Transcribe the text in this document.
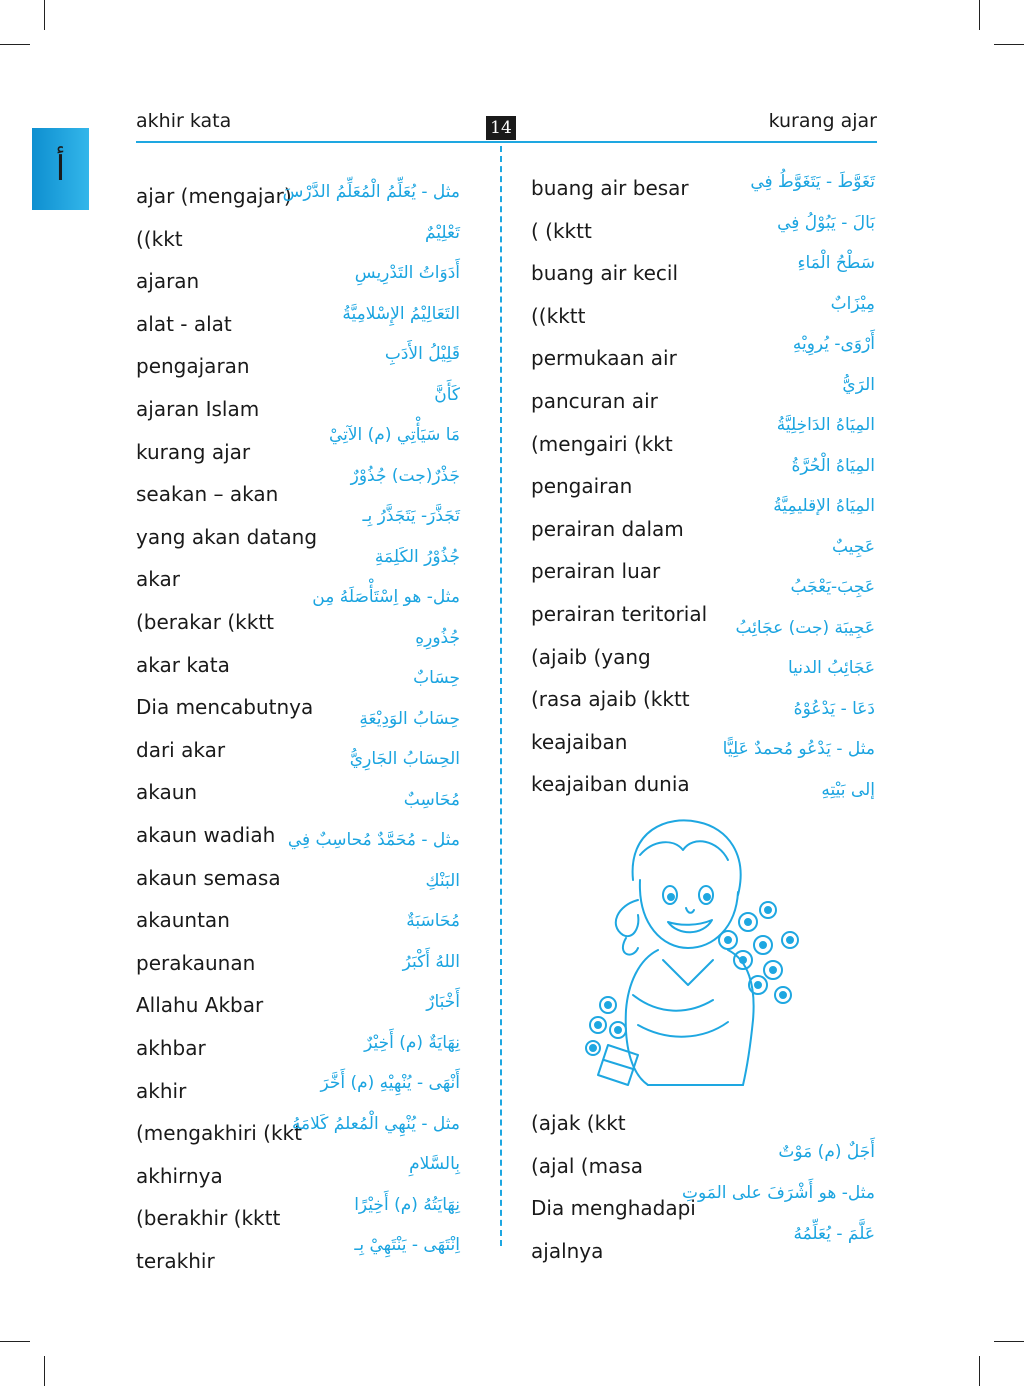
أ
akhir kata	14	kurang ajar
ajar (mengajar)
((kkt
ajaran
alat - alat
pengajaran
ajaran Islam
kurang ajar
seakan – akan
yang akan datang
akar
(berakar (kktt
akar kata
Dia mencabutnya
dari akar
akaun
akaun wadiah
akaun semasa
akauntan
perakaunan
Allahu Akbar
akhbar
akhir
(mengakhiri (kkt
akhirnya
(berakhir (kktt
terakhir
مثل - يُعَلِّمُ الْمُعَلِّمُ الدَّرْسَ
تَعْلِيْمٌ
أَدَوَاتُ التَدْرِيسِ
التَعَالِيْمُ الإِسْلامِيَّةُ
قَلِيْلُ الأَدَبِ
كَأَنَّ
مَا سَيَأْتِي (م) الآتِيْ
جَذْرٌ(جت) جُذُوْرٌ
تَجَذَّرَ- يَتَجَذَّرُ بِـ
جُذُوْرُ الكَلِمَةِ
مثل- هو اِسْتَأْصَلَهُ مِن
جُذُورِهِ
حِسَابٌ
حِسَابُ الوَدِيْعَةِ
الحِسَابُ الجَارِيُّ
مُحَاسِبٌ
مثل - مُحَمَّدٌ مُحاسِبٌ فِي
البَنْكِ
مُحَاسَبَةٌ
اللهُ أَكْبَرُ
أَخْبَارٌ
نِهَايَةٌ (م) أَخِيْرٌ
أَنْهَى - يُنْهِيْهِ (م) أَخَّرَ
مثل - يُنْهِي الْمُعلمُ كَلامَهُ
بِالسَّلامِ
نِهَايَتُهُ (م) أَخِيْرًا
اِنْتَهَى - يَنْتَهِيْ بِـ
buang air besar
( (kktt
buang air kecil
((kktt
permukaan air
pancuran air
(mengairi (kkt
pengairan
perairan dalam
perairan luar
perairan teritorial
(ajaib (yang
(rasa ajaib (kktt
keajaiban
keajaiban dunia
تَغَوَّطَ - يَتَغَوَّطُ فِي
بَالَ - يَبُوْلُ فِي
سَطْحُ الْمَاءِ
مِيْزَابٌ
أَرْوَى- يُروِيْهِ
الرَيُّ
المِيَاهُ الدَاخِلِيَّةُ
المِيَاهُ الْحُرَّةُ
المِيَاهُ الإقليمِيَّةُ
عَجِيبٌ
عَجِبَ-يَعْجَبُ
عَجِيبَة (جت) عجَائِبُ
عَجَائِبُ الدنيا
دَعَا - يَدْعُوْهُ
مثل - يَدْعُو مُحمدٌ عَلِيًّا
إلى بَيْتِهِ
(ajak (kkt
(ajal (masa
Dia menghadapi
ajalnya
أَجَلٌ (م) مَوْتٌ
مثل- هو أَشْرَفَ على المَوتِ
عَلَّمَ - يُعَلِّمُهُ
